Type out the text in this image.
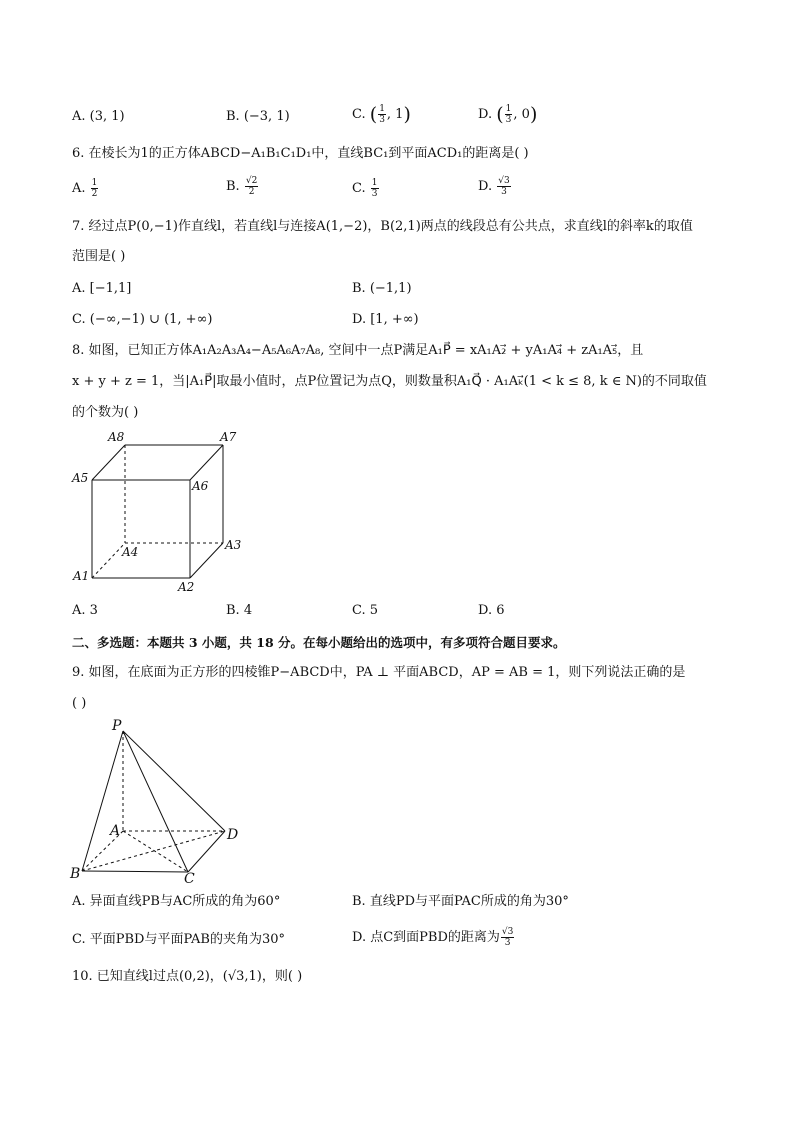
A. (3, 1)	B. (−3, 1)	C. ( $\frac{1}{3}$ , 1)	D. ( $\frac{1}{3}$ , 0)
6. 在棱长为1的正方体ABCD−A₁B₁C₁D₁中，直线BC₁到平面ACD₁的距离是( )
A. $\frac{1}{2}$	B. $\frac{√2}{2}$	C. $\frac{1}{3}$	D. $\frac{√3}{3}$
7. 经过点P(0,−1)作直线l，若直线l与连接A(1,−2)，B(2,1)两点的线段总有公共点，求直线l的斜率k的取值
范围是( )
A. [−1,1]	B. (−1,1)
C. (−∞,−1) ∪ (1, +∞)	D. [1, +∞)
8. 如图，已知正方体A₁A₂A₃A₄−A₅A₆A₇A₈, 空间中一点P满足A₁P⃗ = xA₁A₂⃗ + yA₁A₄⃗ + zA₁A₅⃗，且
x + y + z = 1，当|A₁P⃗|取最小值时，点P位置记为点Q，则数量积A₁Q⃗ · A₁Aₖ⃗(1 < k ≤ 8, k ∈ N)的不同取值
的个数为( )
A8	A7
A5
A6
A4	A3
A1
A2
A. 3	B. 4	C. 5	D. 6
二、多选题：本题共 3 小题，共 18 分。在每小题给出的选项中，有多项符合题目要求。
9. 如图，在底面为正方形的四棱锥P−ABCD中，PA ⊥ 平面ABCD，AP = AB = 1，则下列说法正确的是
( )
P
A	D
B	C
A. 异面直线PB与AC所成的角为60°	B. 直线PD与平面PAC所成的角为30°
C. 平面PBD与平面PAB的夹角为30°	D. 点C到面PBD的距离为 $\frac{√3}{3}$
10. 已知直线l过点(0,2)，(√3,1)，则( )
